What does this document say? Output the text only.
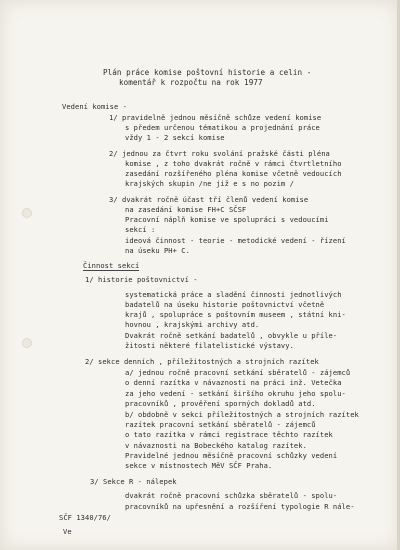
Plán práce komise poštovní historie a celin -
komentář k rozpočtu na rok 1977
Vedení komise -
1/ pravidelně jednou měsíčně schůze vedení komise
s předem určenou tématikou a projednání práce
vždy 1 - 2 sekcí komise
2/ jednou za čtvrt roku svolání pražské části pléna
komise , z toho dvakrát ročně v rámci čtvrtletního
zasedání rozšířeného pléna komise včetně vedoucích
krajských skupin /ne již e s no pozim /
3/ dvakrát ročně účast tří členů vedení komise
na zasedání komise FH+C SČSF
Pracovní náplň komise ve spolupráci s vedoucími
sekcí :
ideová činnost - teorie - metodické vedení - řízení
na úseku PH+ C.
Činnost sekcí
1/ historie poštovnictví -
systematická práce a sladění činnosti jednotlivých
badatelů na úseku historie poštovnictví včetně
krajů , spolupráce s poštovním museem , státní kni-
hovnou , krajskými archivy atd.
Dvakrát ročně setkání badatelů , obvykle u příle-
žitosti některé filatelistické výstavy.
2/ sekce denních , příležitostných a strojních razítek
a/ jednou ročně pracovní setkání sběratelů - zájemců
o denní razítka v návaznosti na práci inž. Vetečka
za jeho vedení - setkání širšího okruhu jeho spolu-
pracovníků , prověření sporných dokladů atd.
b/ obdobně v sekci příležitostných a strojních razítek
razítek pracovní setkání sběratelů - zájemců
o tato razítka v rámci registrace těchto razítek
v návaznosti na Bobeckého katalog razítek.
Pravidelné jednou měsíčně pracovní schůzky vedení
sekce v místnostech MěV SČF Praha.
3/ Sekce R - nálepek
dvakrát ročně pracovní schůzka sběratelů - spolu-
pracovníků na upřesnění a rozšíření typologie R nále-
SČF 1340/76/
Ve
